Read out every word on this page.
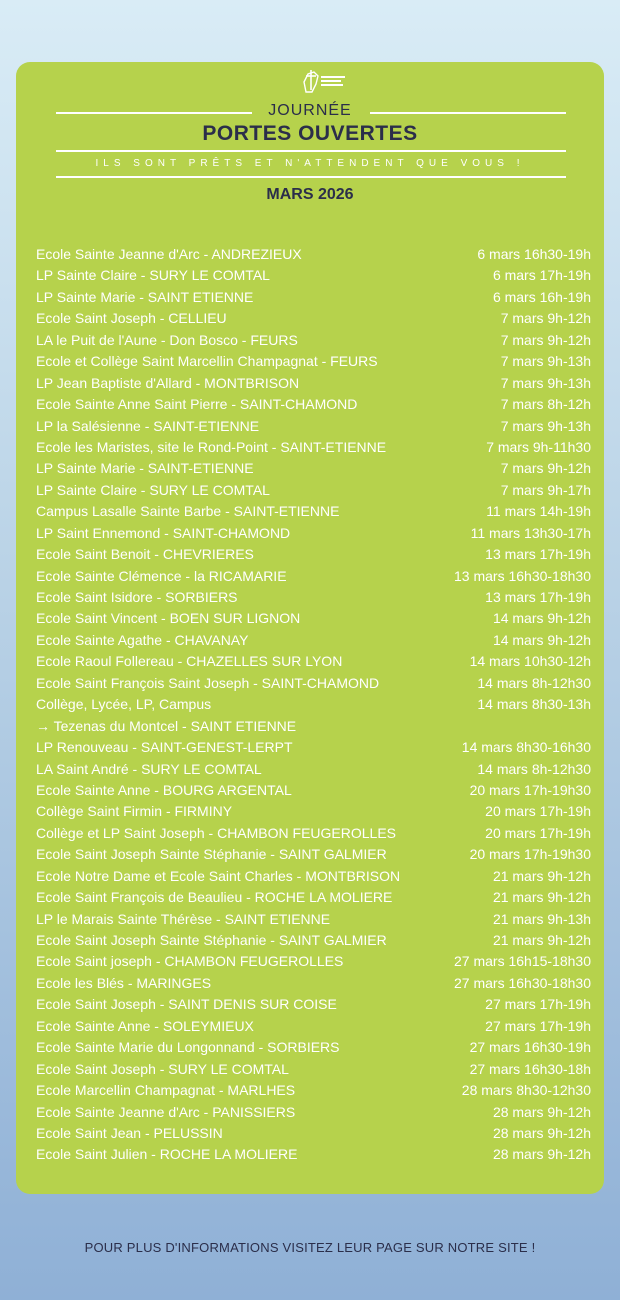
JOURNÉE
PORTES OUVERTES
ILS SONT PRÊTS ET N'ATTENDENT QUE VOUS !
MARS 2026
Ecole Sainte Jeanne d'Arc - ANDREZIEUX	6 mars 16h30-19h
LP Sainte Claire - SURY LE COMTAL	6 mars 17h-19h
LP Sainte Marie - SAINT ETIENNE	6 mars 16h-19h
Ecole Saint Joseph - CELLIEU	7 mars 9h-12h
LA le Puit de l'Aune - Don Bosco - FEURS	7 mars 9h-12h
Ecole et Collège Saint Marcellin Champagnat - FEURS	7 mars 9h-13h
LP Jean Baptiste d'Allard - MONTBRISON	7 mars 9h-13h
Ecole Sainte Anne Saint Pierre - SAINT-CHAMOND	7 mars 8h-12h
LP la Salésienne - SAINT-ETIENNE	7 mars 9h-13h
Ecole les Maristes, site le Rond-Point - SAINT-ETIENNE	7 mars 9h-11h30
LP Sainte Marie - SAINT-ETIENNE	7 mars 9h-12h
LP Sainte Claire - SURY LE COMTAL	7 mars 9h-17h
Campus Lasalle Sainte Barbe - SAINT-ETIENNE	11 mars 14h-19h
LP Saint Ennemond - SAINT-CHAMOND	11 mars 13h30-17h
Ecole Saint Benoit - CHEVRIERES	13 mars 17h-19h
Ecole Sainte Clémence - la RICAMARIE	13 mars 16h30-18h30
Ecole Saint Isidore - SORBIERS	13 mars 17h-19h
Ecole Saint Vincent - BOEN SUR LIGNON	14 mars 9h-12h
Ecole Sainte Agathe - CHAVANAY	14 mars 9h-12h
Ecole Raoul Follereau - CHAZELLES SUR LYON	14 mars 10h30-12h
Ecole Saint François Saint Joseph - SAINT-CHAMOND	14 mars 8h-12h30
Collège, Lycée, LP, Campus	14 mars 8h30-13h
→ Tezenas du Montcel - SAINT ETIENNE
LP Renouveau - SAINT-GENEST-LERPT	14 mars 8h30-16h30
LA Saint André - SURY LE COMTAL	14 mars 8h-12h30
Ecole Sainte Anne - BOURG ARGENTAL	20 mars 17h-19h30
Collège Saint Firmin - FIRMINY	20 mars 17h-19h
Collège et LP Saint Joseph - CHAMBON FEUGEROLLES	20 mars 17h-19h
Ecole Saint Joseph Sainte Stéphanie - SAINT GALMIER	20 mars 17h-19h30
Ecole Notre Dame et Ecole Saint Charles - MONTBRISON	21 mars 9h-12h
Ecole Saint François de Beaulieu - ROCHE LA MOLIERE	21 mars 9h-12h
LP le Marais Sainte Thérèse - SAINT ETIENNE	21 mars 9h-13h
Ecole Saint Joseph Sainte Stéphanie - SAINT GALMIER	21 mars 9h-12h
Ecole Saint joseph - CHAMBON FEUGEROLLES	27 mars 16h15-18h30
Ecole les Blés - MARINGES	27 mars 16h30-18h30
Ecole Saint Joseph - SAINT DENIS SUR COISE	27 mars 17h-19h
Ecole Sainte Anne - SOLEYMIEUX	27 mars 17h-19h
Ecole Sainte Marie du Longonnand - SORBIERS	27 mars 16h30-19h
Ecole Saint Joseph - SURY LE COMTAL	27 mars 16h30-18h
Ecole Marcellin Champagnat - MARLHES	28 mars 8h30-12h30
Ecole Sainte Jeanne d'Arc - PANISSIERS	28 mars 9h-12h
Ecole Saint Jean - PELUSSIN	28 mars 9h-12h
Ecole Saint Julien - ROCHE LA MOLIERE	28 mars 9h-12h
POUR PLUS D'INFORMATIONS VISITEZ LEUR PAGE SUR NOTRE SITE !
